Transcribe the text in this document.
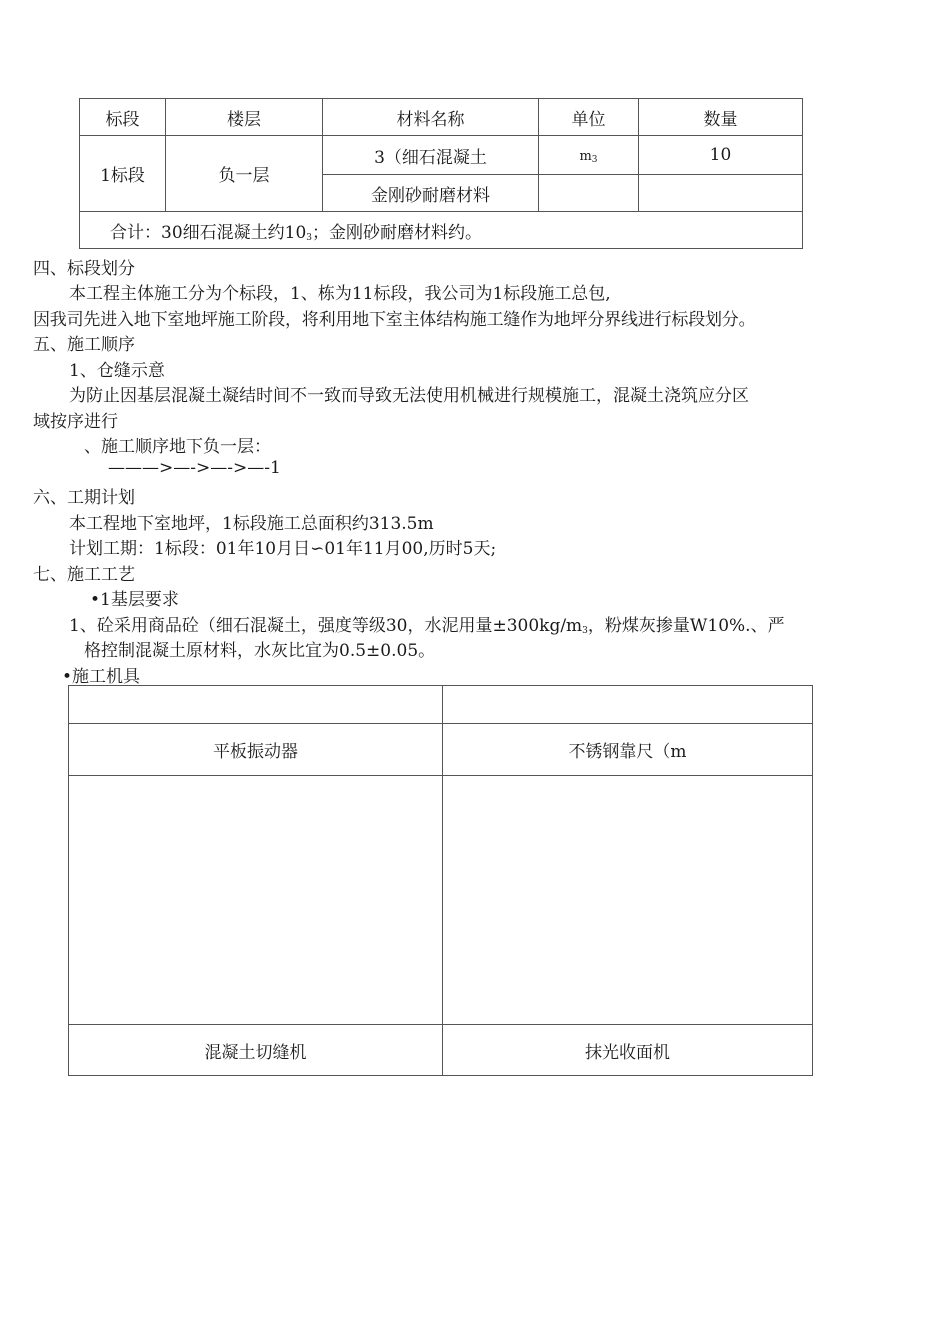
标段	楼层	材料名称	单位	数量
1标段	负一层	3（细石混凝土	$m_3$	10
		金刚砂耐磨材料		
合计：30细石混凝土约$10_3$；金刚砂耐磨材料约。				
四、标段划分
本工程主体施工分为个标段，1、栋为11标段，我公司为1标段施工总包,
因我司先进入地下室地坪施工阶段，将利用地下室主体结构施工缝作为地坪分界线进行标段划分。
五、施工顺序
1、仓缝示意
为防止因基层混凝土凝结时间不一致而导致无法使用机械进行规模施工，混凝土浇筑应分区
域按序进行
、施工顺序地下负一层：
———>—->—->—-1
六、工期计划
本工程地下室地坪，1标段施工总面积约313.5m
计划工期：1标段：01年10月日∽01年11月00,历时5天;
七、施工工艺
•1基层要求
1、砼采用商品砼（细石混凝土，强度等级30，水泥用量$\pm 300kg/m_3$，粉煤灰掺量W10%.、严
格控制混凝土原材料，水灰比宜为0.5±0.05。
•施工机具

平板振动器	不锈钢靠尺（m

混凝土切缝机	抹光收面机
